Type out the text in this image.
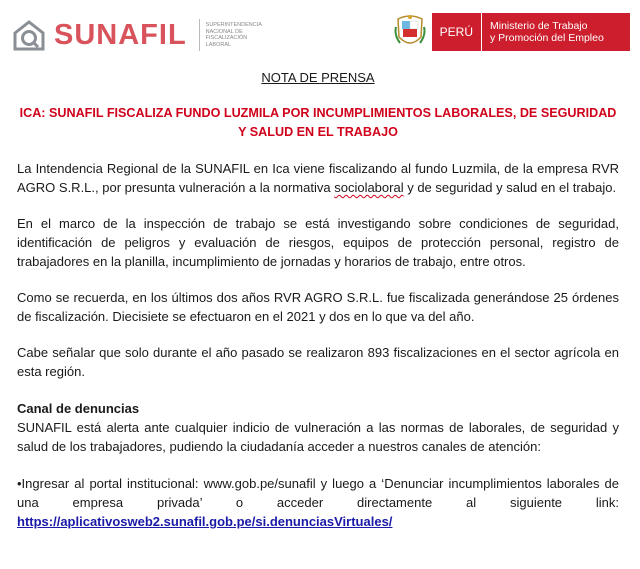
SUNAFIL	SUPERINTENDENCIA NACIONAL DE FISCALIZACIÓN LABORAL
PERÚ	Ministerio de Trabajo
y Promoción del Empleo

NOTA DE PRENSA

ICA: SUNAFIL FISCALIZA FUNDO LUZMILA POR INCUMPLIMIENTOS LABORALES, DE SEGURIDAD Y SALUD EN EL TRABAJO

La Intendencia Regional de la SUNAFIL en Ica viene fiscalizando al fundo Luzmila, de la empresa RVR AGRO S.R.L., por presunta vulneración a la normativa sociolaboral y de seguridad y salud en el trabajo.

En el marco de la inspección de trabajo se está investigando sobre condiciones de seguridad, identificación de peligros y evaluación de riesgos, equipos de protección personal, registro de trabajadores en la planilla, incumplimiento de jornadas y horarios de trabajo, entre otros.

Como se recuerda, en los últimos dos años RVR AGRO S.R.L. fue fiscalizada generándose 25 órdenes de fiscalización. Diecisiete se efectuaron en el 2021 y dos en lo que va del año.

Cabe señalar que solo durante el año pasado se realizaron 893 fiscalizaciones en el sector agrícola en esta región.

Canal de denuncias

SUNAFIL está alerta ante cualquier indicio de vulneración a las normas de laborales, de seguridad y salud de los trabajadores, pudiendo la ciudadanía acceder a nuestros canales de atención:

•Ingresar al portal institucional: www.gob.pe/sunafil y luego a ‘Denunciar incumplimientos laborales de una empresa privada’ o acceder directamente al siguiente link: https://aplicativosweb2.sunafil.gob.pe/si.denunciasVirtuales/
